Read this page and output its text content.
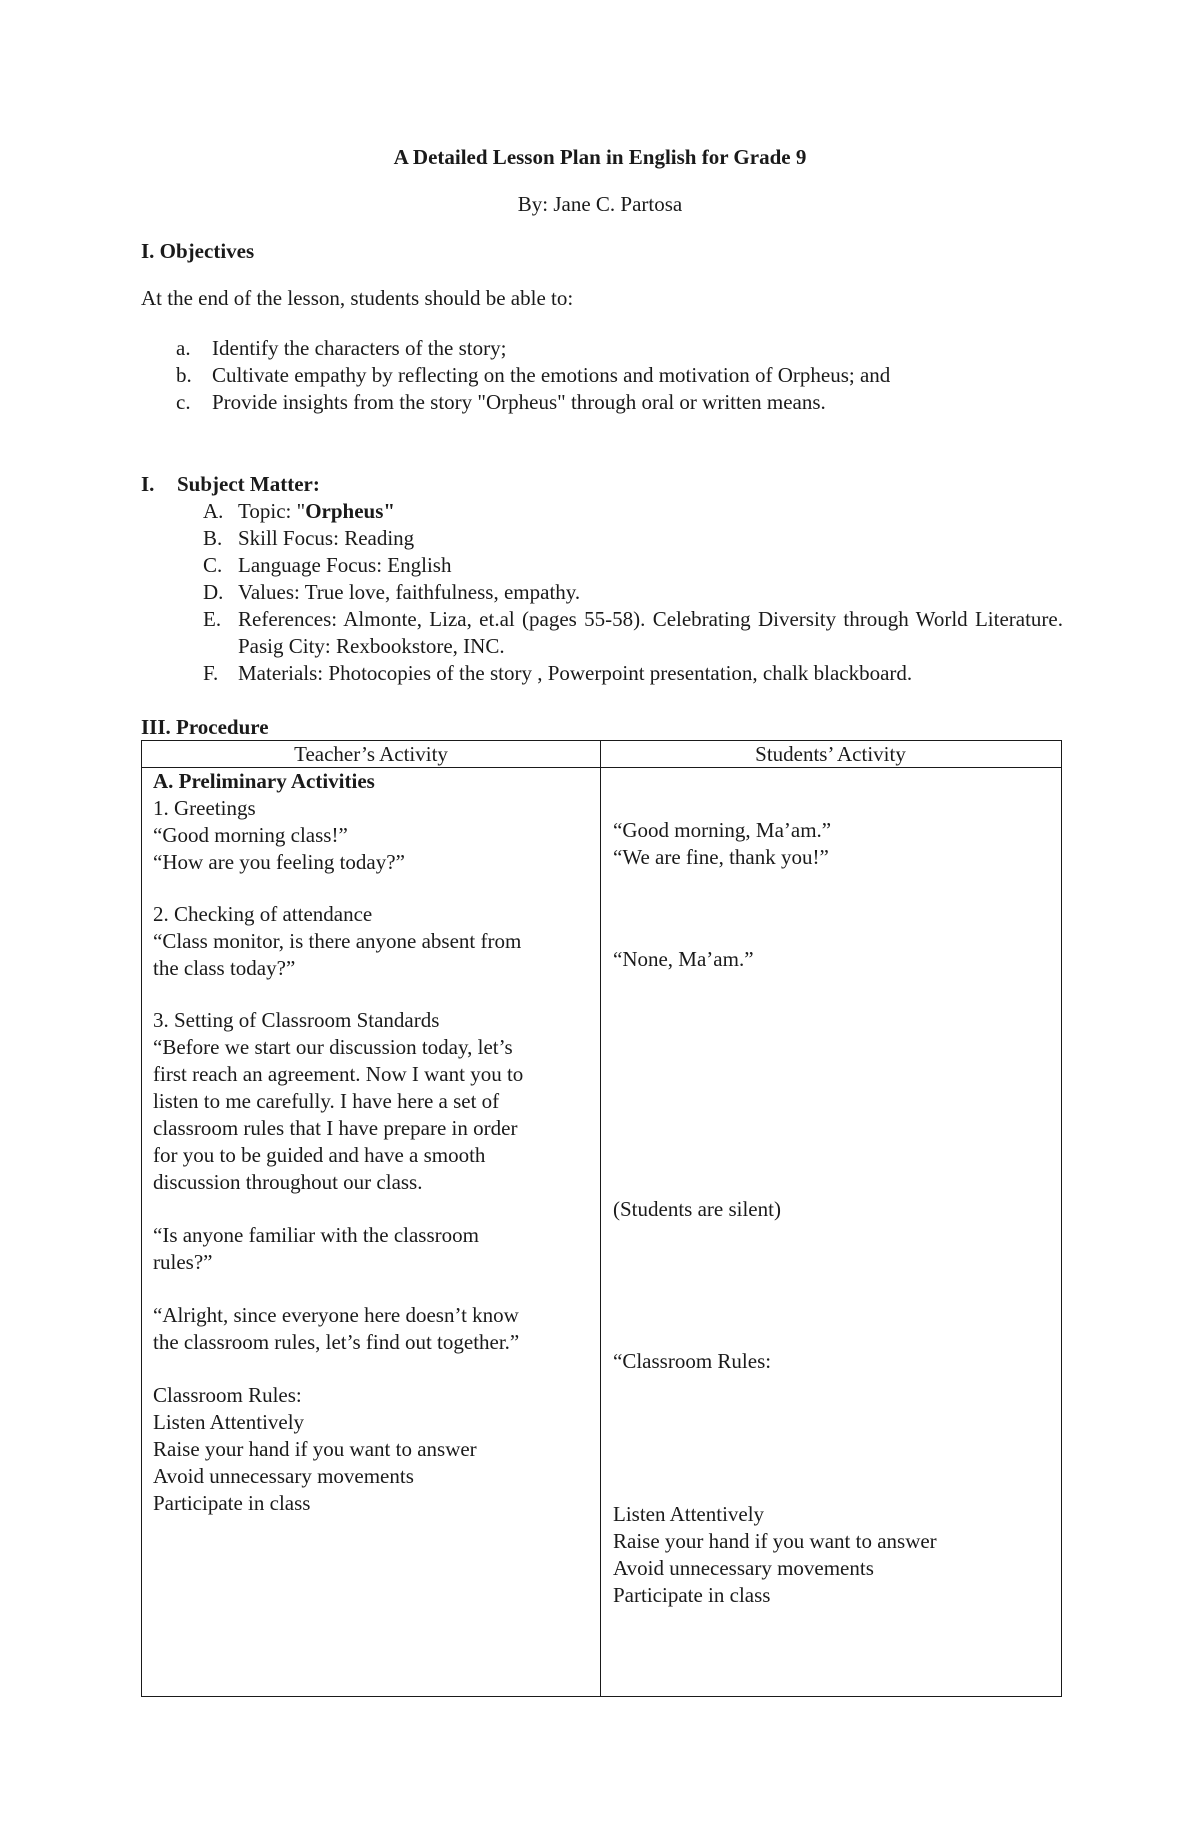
A Detailed Lesson Plan in English for Grade 9
By: Jane C. Partosa
I. Objectives
At the end of the lesson, students should be able to:
a. Identify the characters of the story;
b. Cultivate empathy by reflecting on the emotions and motivation of Orpheus; and
c. Provide insights from the story "Orpheus" through oral or written means.
I. Subject Matter:
A. Topic: "Orpheus"
B. Skill Focus: Reading
C. Language Focus: English
D. Values: True love, faithfulness, empathy.
E. References: Almonte, Liza, et.al (pages 55-58). Celebrating Diversity through World Literature. Pasig City: Rexbookstore, INC.
F. Materials: Photocopies of the story , Powerpoint presentation, chalk blackboard.
III. Procedure
Teacher’s Activity	Students’ Activity
A. Preliminary Activities
1. Greetings
“Good morning class!”
“How are you feeling today?”
2. Checking of attendance
“Class monitor, is there anyone absent from
the class today?”
3. Setting of Classroom Standards
“Before we start our discussion today, let’s
first reach an agreement. Now I want you to
listen to me carefully. I have here a set of
classroom rules that I have prepare in order
for you to be guided and have a smooth
discussion throughout our class.
“Is anyone familiar with the classroom
rules?”
“Alright, since everyone here doesn’t know
the classroom rules, let’s find out together.”
Classroom Rules:
Listen Attentively
Raise your hand if you want to answer
Avoid unnecessary movements
Participate in class
“Good morning, Ma’am.”
“We are fine, thank you!”
“None, Ma’am.”
(Students are silent)
“Classroom Rules:
Listen Attentively
Raise your hand if you want to answer
Avoid unnecessary movements
Participate in class
